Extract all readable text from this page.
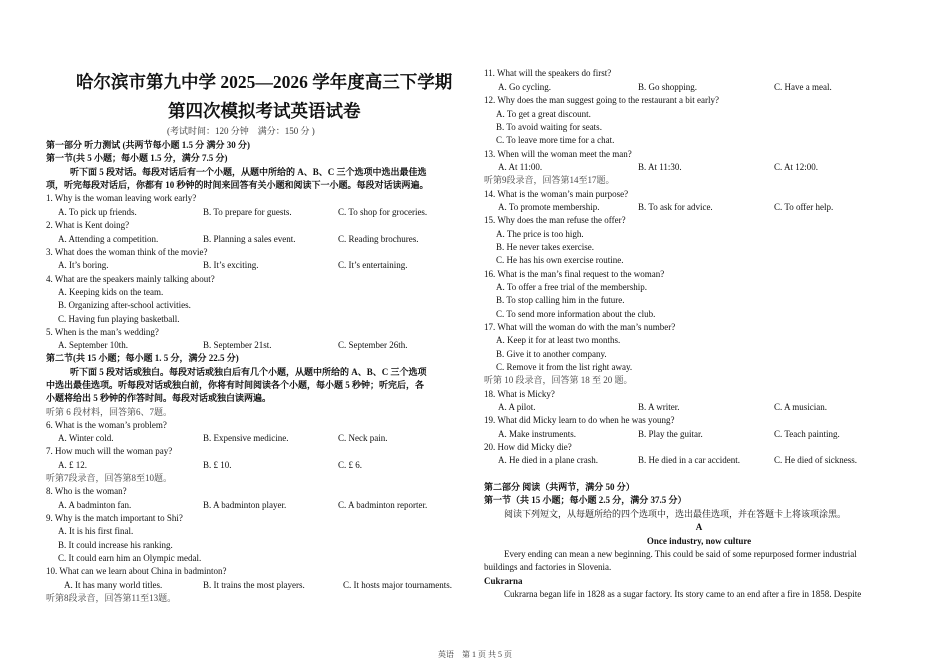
哈尔滨市第九中学 2025—2026 学年度高三下学期
第四次模拟考试英语试卷
(考试时间：120 分钟　满分：150 分 )
第一部分 听力测试 (共两节每小题 1.5 分 满分 30 分)
第一节(共 5 小题；每小题 1.5 分，满分 7.5 分)
听下面 5 段对话。每段对话后有一个小题，从题中所给的 A、B、C 三个选项中选出最佳选
项，听完每段对话后，你都有 10 秒钟的时间来回答有关小题和阅读下一小题。每段对话读两遍。
1. Why is the woman leaving work early?
A. To pick up friends.	B. To prepare for guests.	C. To shop for groceries.
2. What is Kent doing?
A. Attending a competition.	B. Planning a sales event.	C. Reading brochures.
3. What does the woman think of the movie?
A. It’s boring.	B. It’s exciting.	C. It’s entertaining.
4. What are the speakers mainly talking about?
A. Keeping kids on the team.
B. Organizing after-school activities.
C. Having fun playing basketball.
5. When is the man’s wedding?
A. September 10th.	B. September 21st.	C. September 26th.
第二节(共 15 小题；每小题 1. 5 分，满分 22.5 分)
听下面 5 段对话或独白。每段对话或独白后有几个小题，从题中所给的 A、B、C 三个选项
中选出最佳选项。听每段对话或独白前，你将有时间阅读各个小题，每小题 5 秒钟；听完后，各
小题将给出 5 秒钟的作答时间。每段对话或独白读两遍。
听第 6 段材料，回答第6、7题。
6. What is the woman’s problem?
A. Winter cold.	B. Expensive medicine.	C. Neck pain.
7. How much will the woman pay?
A. £ 12.	B. £ 10.	C. £ 6.
听第7段录音，回答第8至10题。
8. Who is the woman?
A. A badminton fan.	B. A badminton player.	C. A badminton reporter.
9. Why is the match important to Shi?
A. It is his first final.
B. It could increase his ranking.
C. It could earn him an Olympic medal.
10. What can we learn about China in badminton?
A. It has many world titles.	B. It trains the most players.	C. It hosts major tournaments.
听第8段录音，回答第11至13题。
11. What will the speakers do first?
A. Go cycling.	B. Go shopping.	C. Have a meal.
12. Why does the man suggest going to the restaurant a bit early?
A. To get a great discount.
B. To avoid waiting for seats.
C. To leave more time for a chat.
13. When will the woman meet the man?
A. At 11:00.	B. At 11:30.	C. At 12:00.
听第9段录音，回答第14至17题。
14. What is the woman’s main purpose?
A. To promote membership.	B. To ask for advice.	C. To offer help.
15. Why does the man refuse the offer?
A. The price is too high.
B. He never takes exercise.
C. He has his own exercise routine.
16. What is the man’s final request to the woman?
A. To offer a free trial of the membership.
B. To stop calling him in the future.
C. To send more information about the club.
17. What will the woman do with the man’s number?
A. Keep it for at least two months.
B. Give it to another company.
C. Remove it from the list right away.
听第 10 段录音，回答第 18 至 20 题。
18. What is Micky?
A. A pilot.	B. A writer.	C. A musician.
19. What did Micky learn to do when he was young?
A. Make instruments.	B. Play the guitar.	C. Teach painting.
20. How did Micky die?
A. He died in a plane crash.	B. He died in a car accident.	C. He died of sickness.
第二部分 阅读（共两节，满分 50 分）
第一节（共 15 小题；每小题 2.5 分，满分 37.5 分）
阅读下列短文，从每题所给的四个选项中，选出最佳选项，并在答题卡上将该项涂黑。
A
Once industry, now culture
Every ending can mean a new beginning. This could be said of some repurposed former industrial
buildings and factories in Slovenia.
Cukrarna
Cukrarna began life in 1828 as a sugar factory. Its story came to an end after a fire in 1858. Despite
英语　第 1 页 共 5 页
